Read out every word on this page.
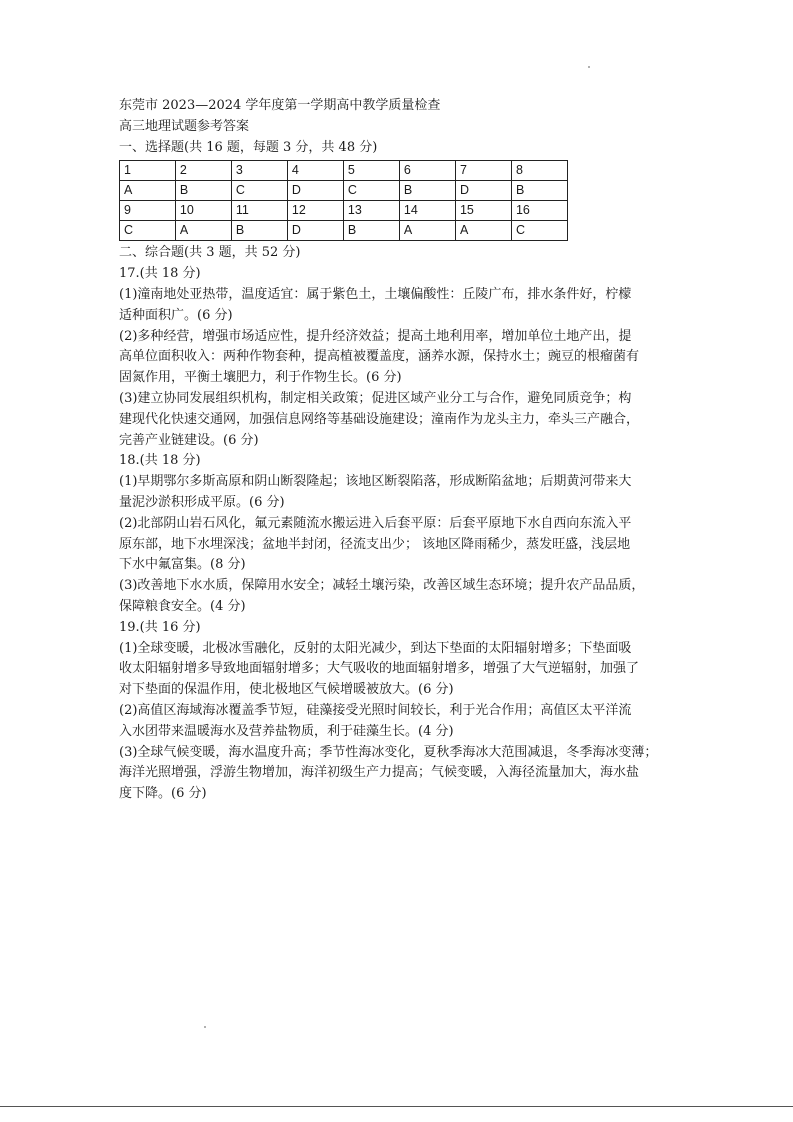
东莞市 2023—2024 学年度第一学期高中教学质量检查
高三地理试题参考答案
一、选择题(共 16 题，每题 3 分，共 48 分)
1	2	3	4	5	6	7	8
A	B	C	D	C	B	D	B
9	10	11	12	13	14	15	16
C	A	B	D	B	A	A	C
二、综合题(共 3 题，共 52 分)
17.(共 18 分)
(1)潼南地处亚热带，温度适宜：属于紫色土，土壤偏酸性：丘陵广布，排水条件好，柠檬
适种面积广。(6 分)
(2)多种经营，增强市场适应性，提升经济效益；提高土地利用率，增加单位土地产出，提
高单位面积收入：两种作物套种，提高植被覆盖度，涵养水源，保持水土；豌豆的根瘤菌有
固氮作用，平衡土壤肥力，利于作物生长。(6 分)
(3)建立协同发展组织机构，制定相关政策；促进区域产业分工与合作，避免同质竞争；构
建现代化快速交通网，加强信息网络等基础设施建设；潼南作为龙头主力，牵头三产融合，
完善产业链建设。(6 分)
18.(共 18 分)
(1)早期鄂尔多斯高原和阴山断裂隆起；该地区断裂陷落，形成断陷盆地；后期黄河带来大
量泥沙淤积形成平原。(6 分)
(2)北部阴山岩石风化，氟元素随流水搬运进入后套平原：后套平原地下水自西向东流入平
原东部，地下水埋深浅；盆地半封闭，径流支出少； 该地区降雨稀少，蒸发旺盛，浅层地
下水中氟富集。(8 分)
(3)改善地下水水质，保障用水安全；减轻土壤污染，改善区域生态环境；提升农产品品质，
保障粮食安全。(4 分)
19.(共 16 分)
(1)全球变暖，北极冰雪融化，反射的太阳光减少，到达下垫面的太阳辐射增多；下垫面吸
收太阳辐射增多导致地面辐射增多；大气吸收的地面辐射增多，增强了大气逆辐射，加强了
对下垫面的保温作用，使北极地区气候增暖被放大。(6 分)
(2)高值区海域海冰覆盖季节短，硅藻接受光照时间较长，利于光合作用；高值区太平洋流
入水团带来温暖海水及营养盐物质，利于硅藻生长。(4 分)
(3)全球气候变暖，海水温度升高；季节性海冰变化，夏秋季海冰大范围减退，冬季海冰变薄；
海洋光照增强，浮游生物增加，海洋初级生产力提高；气候变暖，入海径流量加大，海水盐
度下降。(6 分)
